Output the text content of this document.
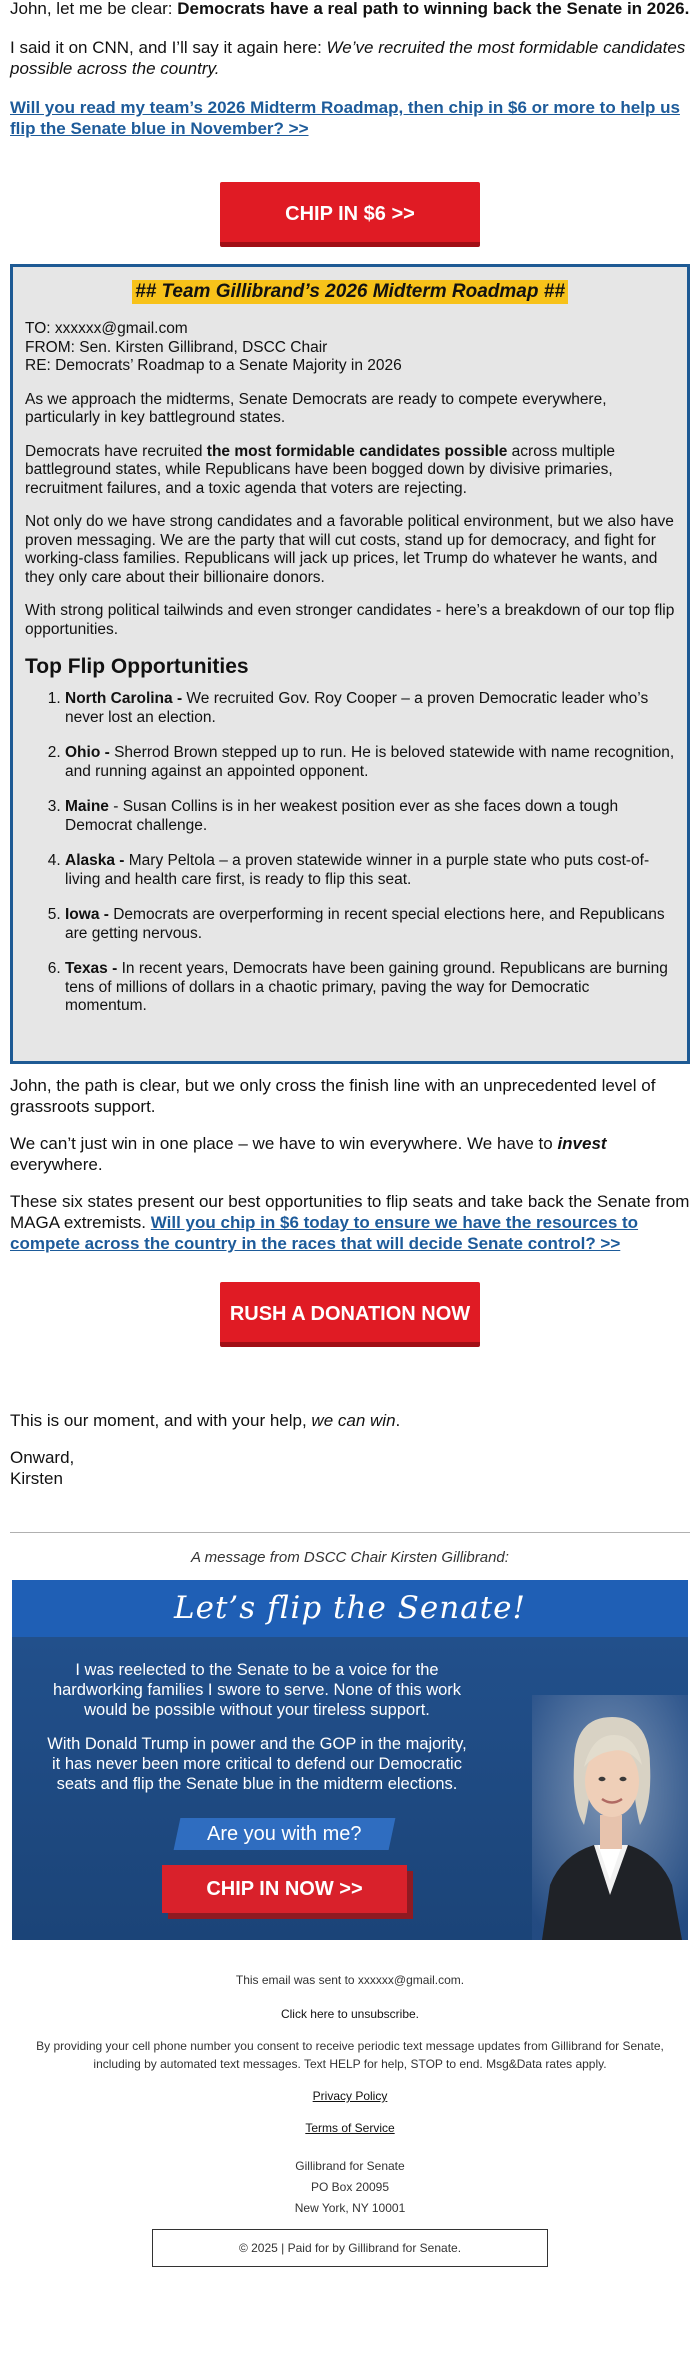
John, let me be clear: Democrats have a real path to winning back the Senate in 2026.

I said it on CNN, and I’ll say it again here: We’ve recruited the most formidable candidates possible across the country.

Will you read my team’s 2026 Midterm Roadmap, then chip in $6 or more to help us flip the Senate blue in November? >>

CHIP IN $6 >>
## Team Gillibrand’s 2026 Midterm Roadmap ##

TO: xxxxxx@gmail.com

FROM: Sen. Kirsten Gillibrand, DSCC Chair

RE: Democrats’ Roadmap to a Senate Majority in 2026

As we approach the midterms, Senate Democrats are ready to compete everywhere, particularly in key battleground states.

Democrats have recruited the most formidable candidates possible across multiple battleground states, while Republicans have been bogged down by divisive primaries, recruitment failures, and a toxic agenda that voters are rejecting.

Not only do we have strong candidates and a favorable political environment, but we also have proven messaging. We are the party that will cut costs, stand up for democracy, and fight for working-class families. Republicans will jack up prices, let Trump do whatever he wants, and they only care about their billionaire donors.

With strong political tailwinds and even stronger candidates - here’s a breakdown of our top flip opportunities.

Top Flip Opportunities
1. North Carolina - We recruited Gov. Roy Cooper – a proven Democratic leader who’s never lost an election.
2. Ohio - Sherrod Brown stepped up to run. He is beloved statewide with name recognition, and running against an appointed opponent.
3. Maine - Susan Collins is in her weakest position ever as she faces down a tough Democrat challenge.
4. Alaska - Mary Peltola – a proven statewide winner in a purple state who puts cost-of-living and health care first, is ready to flip this seat.
5. Iowa - Democrats are overperforming in recent special elections here, and Republicans are getting nervous.
6. Texas - In recent years, Democrats have been gaining ground. Republicans are burning tens of millions of dollars in a chaotic primary, paving the way for Democratic momentum.

John, the path is clear, but we only cross the finish line with an unprecedented level of grassroots support.

We can’t just win in one place – we have to win everywhere. We have to invest everywhere.

These six states present our best opportunities to flip seats and take back the Senate from MAGA extremists. Will you chip in $6 today to ensure we have the resources to compete across the country in the races that will decide Senate control? >>

RUSH A DONATION NOW >>

This is our moment, and with your help, we can win.

Onward,

Kirsten

A message from DSCC Chair Kirsten Gillibrand:
Let’s flip the Senate!

I was reelected to the Senate to be a voice for the hardworking families I swore to serve. None of this work would be possible without your tireless support.

With Donald Trump in power and the GOP in the majority, it has never been more critical to defend our Democratic seats and flip the Senate blue in the midterm elections.

Are you with me?
CHIP IN NOW >>
This email was sent to xxxxxx@gmail.com.
Click here to unsubscribe.
By providing your cell phone number you consent to receive periodic text message updates from Gillibrand for Senate, including by automated text messages. Text HELP for help, STOP to end. Msg&Data rates apply.
Privacy Policy
Terms of Service
Gillibrand for Senate
PO Box 20095
New York, NY 10001
© 2025 | Paid for by Gillibrand for Senate.
